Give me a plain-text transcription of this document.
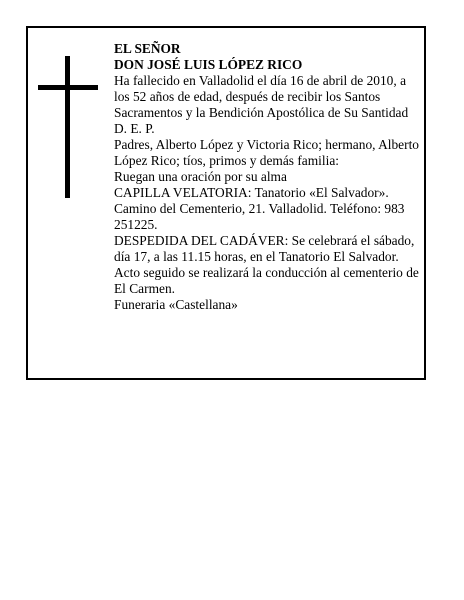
EL SEÑOR

DON JOSÉ LUIS LÓPEZ RICO

Ha fallecido en Valladolid el día 16 de abril de 2010, a los 52 años de edad, después de recibir los Santos Sacramentos y la Bendición Apostólica de Su Santidad D. E. P.

Padres, Alberto López y Victoria Rico; hermano, Alberto López Rico; tíos, primos y demás familia:

Ruegan una oración por su alma

CAPILLA VELATORIA: Tanatorio «El Salvador». Camino del Cementerio, 21. Valladolid. Teléfono: 983 251225.

DESPEDIDA DEL CADÁVER: Se celebrará el sábado, día 17, a las 11.15 horas, en el Tanatorio El Salvador. Acto seguido se realizará la conducción al cementerio de El Carmen.

Funeraria «Castellana»
